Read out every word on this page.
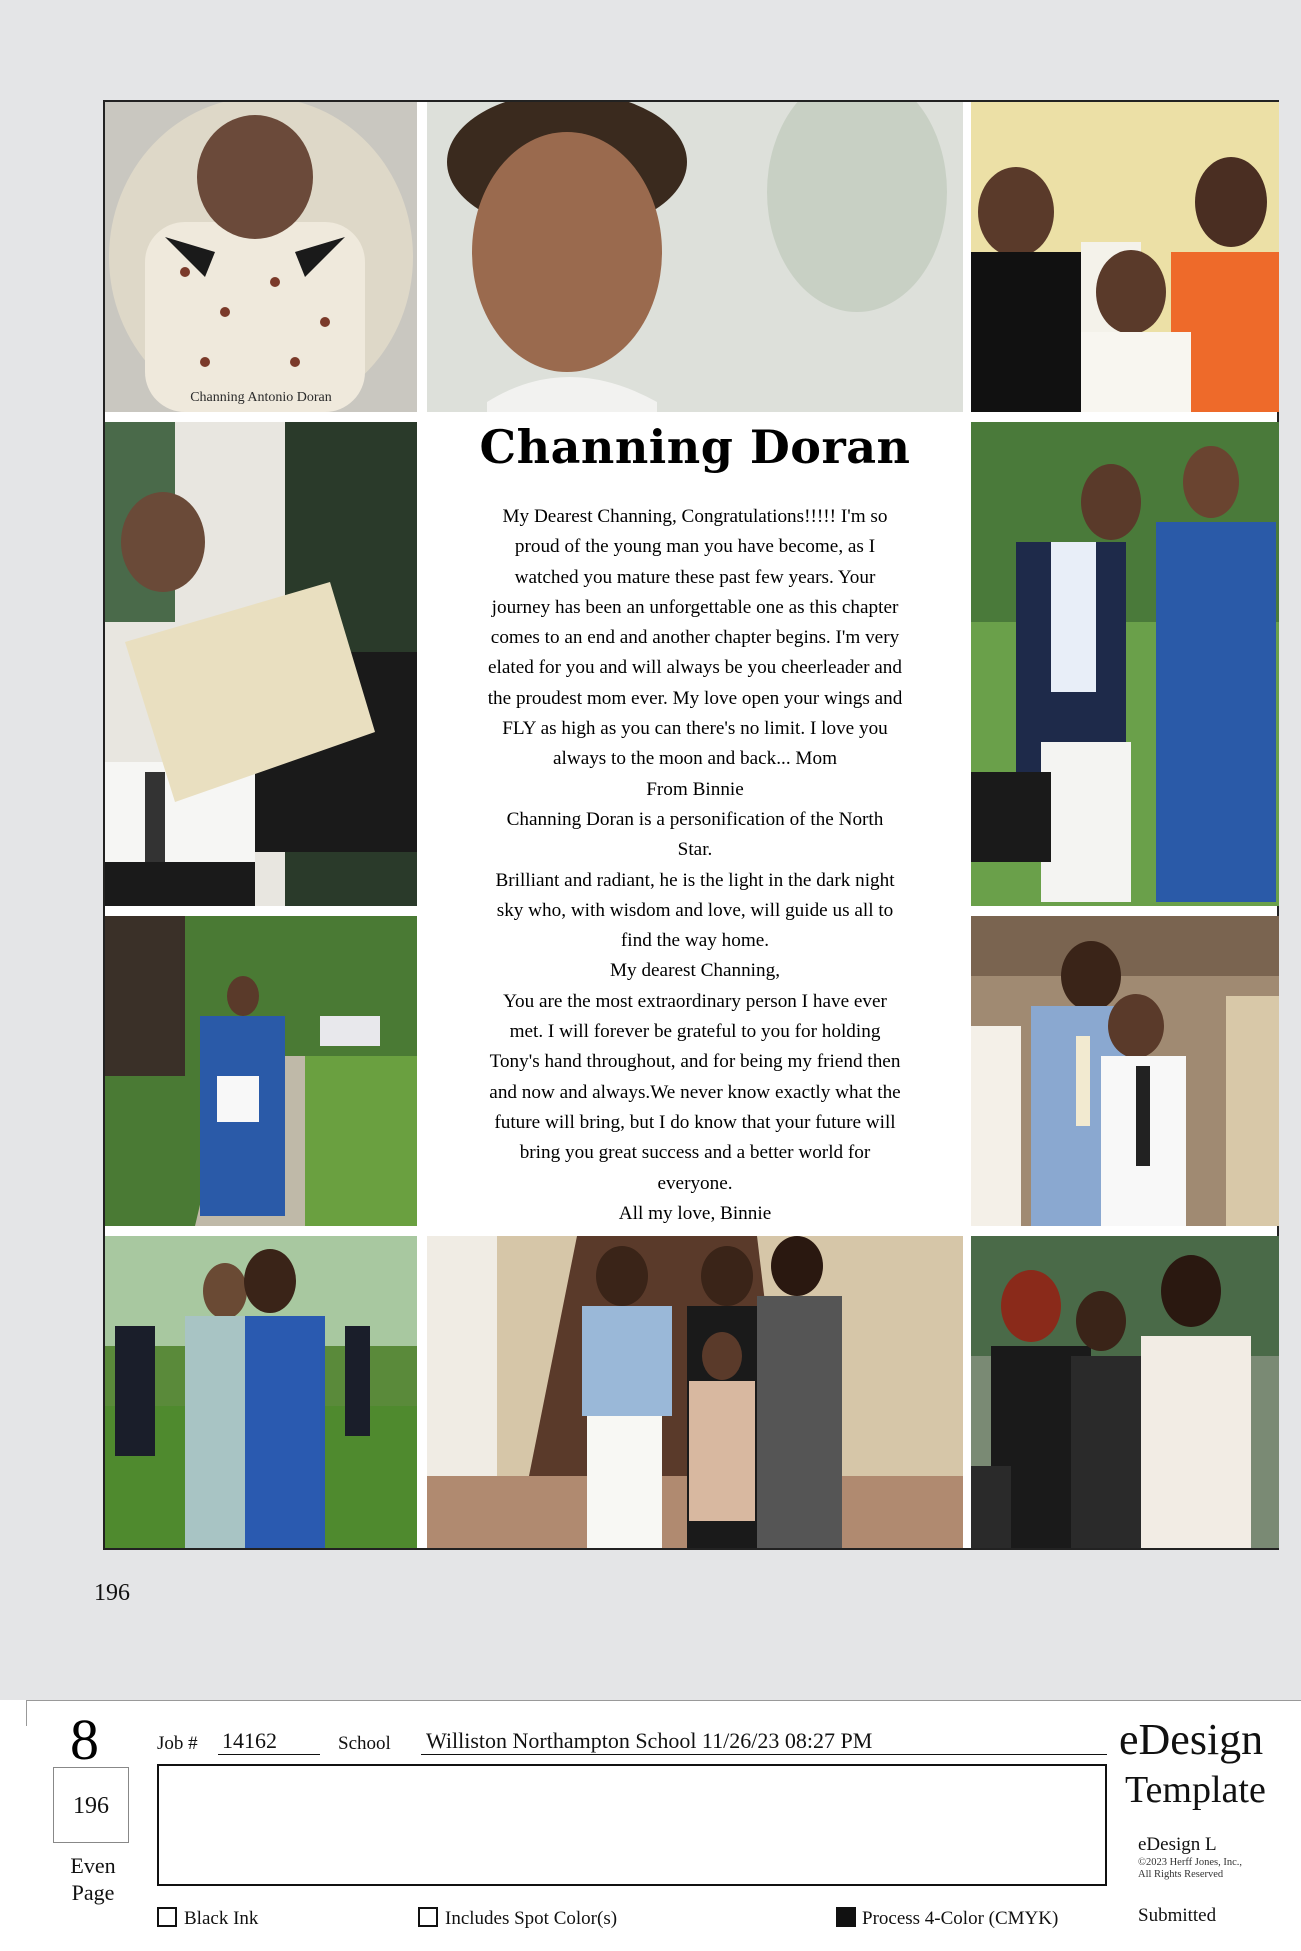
Channing Antonio Doran
Channing Doran
My Dearest Channing, Congratulations!!!!! I'm so
proud of the young man you have become, as I
watched you mature these past few years. Your
journey has been an unforgettable one as this chapter
comes to an end and another chapter begins. I'm very
elated for you and will always be you cheerleader and
the proudest mom ever. My love open your wings and
FLY as high as you can there's no limit. I love you
always to the moon and back... Mom
From Binnie
Channing Doran is a personification of the North
Star.
Brilliant and radiant, he is the light in the dark night
sky who, with wisdom and love, will guide us all to
find the way home.
My dearest Channing,
You are the most extraordinary person I have ever
met. I will forever be grateful to you for holding
Tony's hand throughout, and for being my friend then
and now and always.We never know exactly what the
future will bring, but I do know that your future will
bring you great success and a better world for
everyone.
All my love, Binnie
196
8
196
Even
Page
Job # 14162	School Williston Northampton School 11/26/23 08:27 PM	eDesign
Template
eDesign L
©2023 Herff Jones, Inc.,
All Rights Reserved
Submitted
Black Ink	Includes Spot Color(s)	Process 4-Color (CMYK)
